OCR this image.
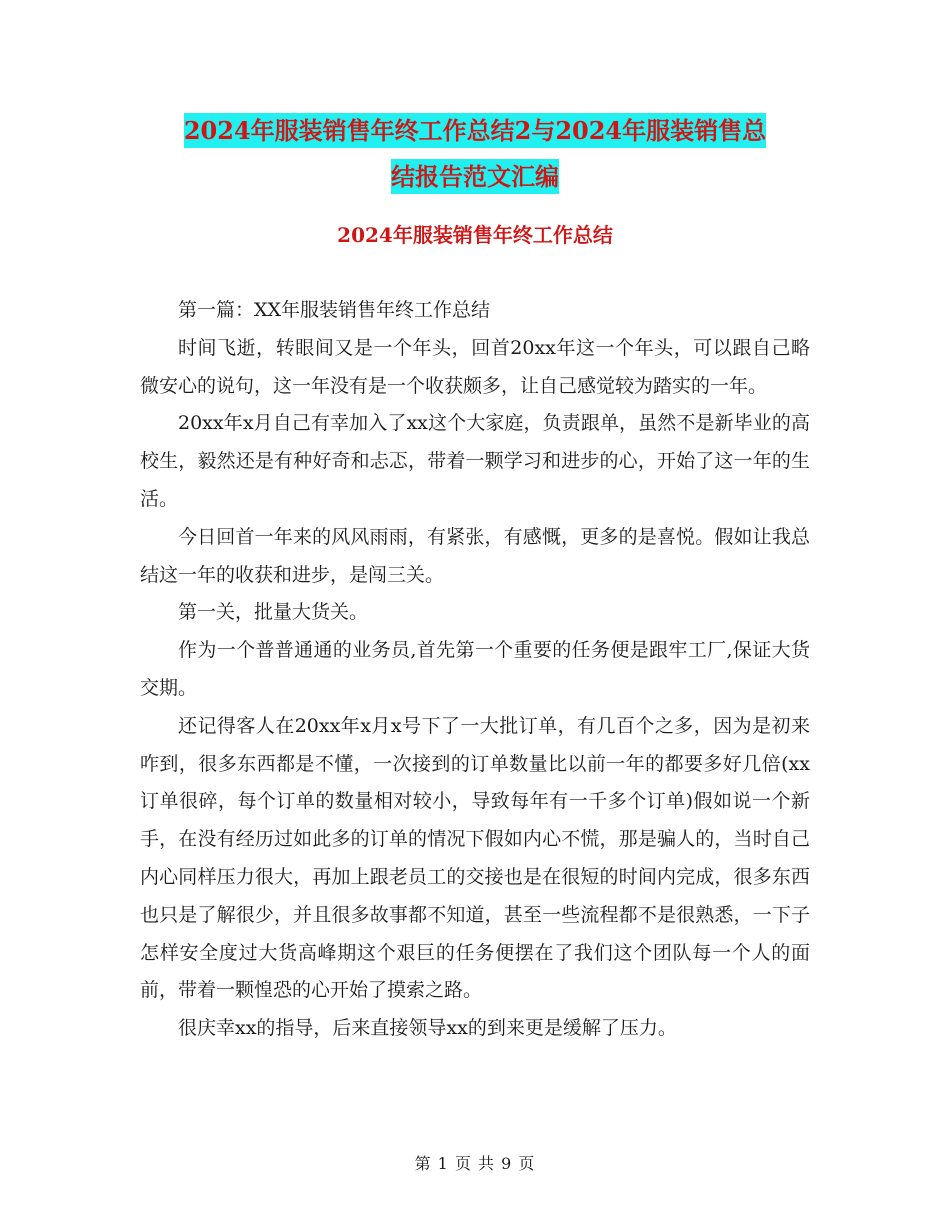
2024年服装销售年终工作总结2与2024年服装销售总
结报告范文汇编
2024年服装销售年终工作总结

第一篇：XX年服装销售年终工作总结

时间飞逝，转眼间又是一个年头，回首20xx年这一个年头，可以跟自己略微安心的说句，这一年没有是一个收获颇多，让自己感觉较为踏实的一年。

20xx年x月自己有幸加入了xx这个大家庭，负责跟单，虽然不是新毕业的高校生，毅然还是有种好奇和忐忑，带着一颗学习和进步的心，开始了这一年的生活。

今日回首一年来的风风雨雨，有紧张，有感慨，更多的是喜悦。假如让我总结这一年的收获和进步，是闯三关。

第一关，批量大货关。

作为一个普普通通的业务员,首先第一个重要的任务便是跟牢工厂,保证大货交期。

还记得客人在20xx年x月x号下了一大批订单，有几百个之多，因为是初来咋到，很多东西都是不懂，一次接到的订单数量比以前一年的都要多好几倍(xx订单很碎，每个订单的数量相对较小，导致每年有一千多个订单)假如说一个新手，在没有经历过如此多的订单的情况下假如内心不慌，那是骗人的，当时自己内心同样压力很大，再加上跟老员工的交接也是在很短的时间内完成，很多东西也只是了解很少，并且很多故事都不知道，甚至一些流程都不是很熟悉，一下子怎样安全度过大货高峰期这个艰巨的任务便摆在了我们这个团队每一个人的面前，带着一颗惶恐的心开始了摸索之路。

很庆幸xx的指导，后来直接领导xx的到来更是缓解了压力。

第 1 页 共 9 页
